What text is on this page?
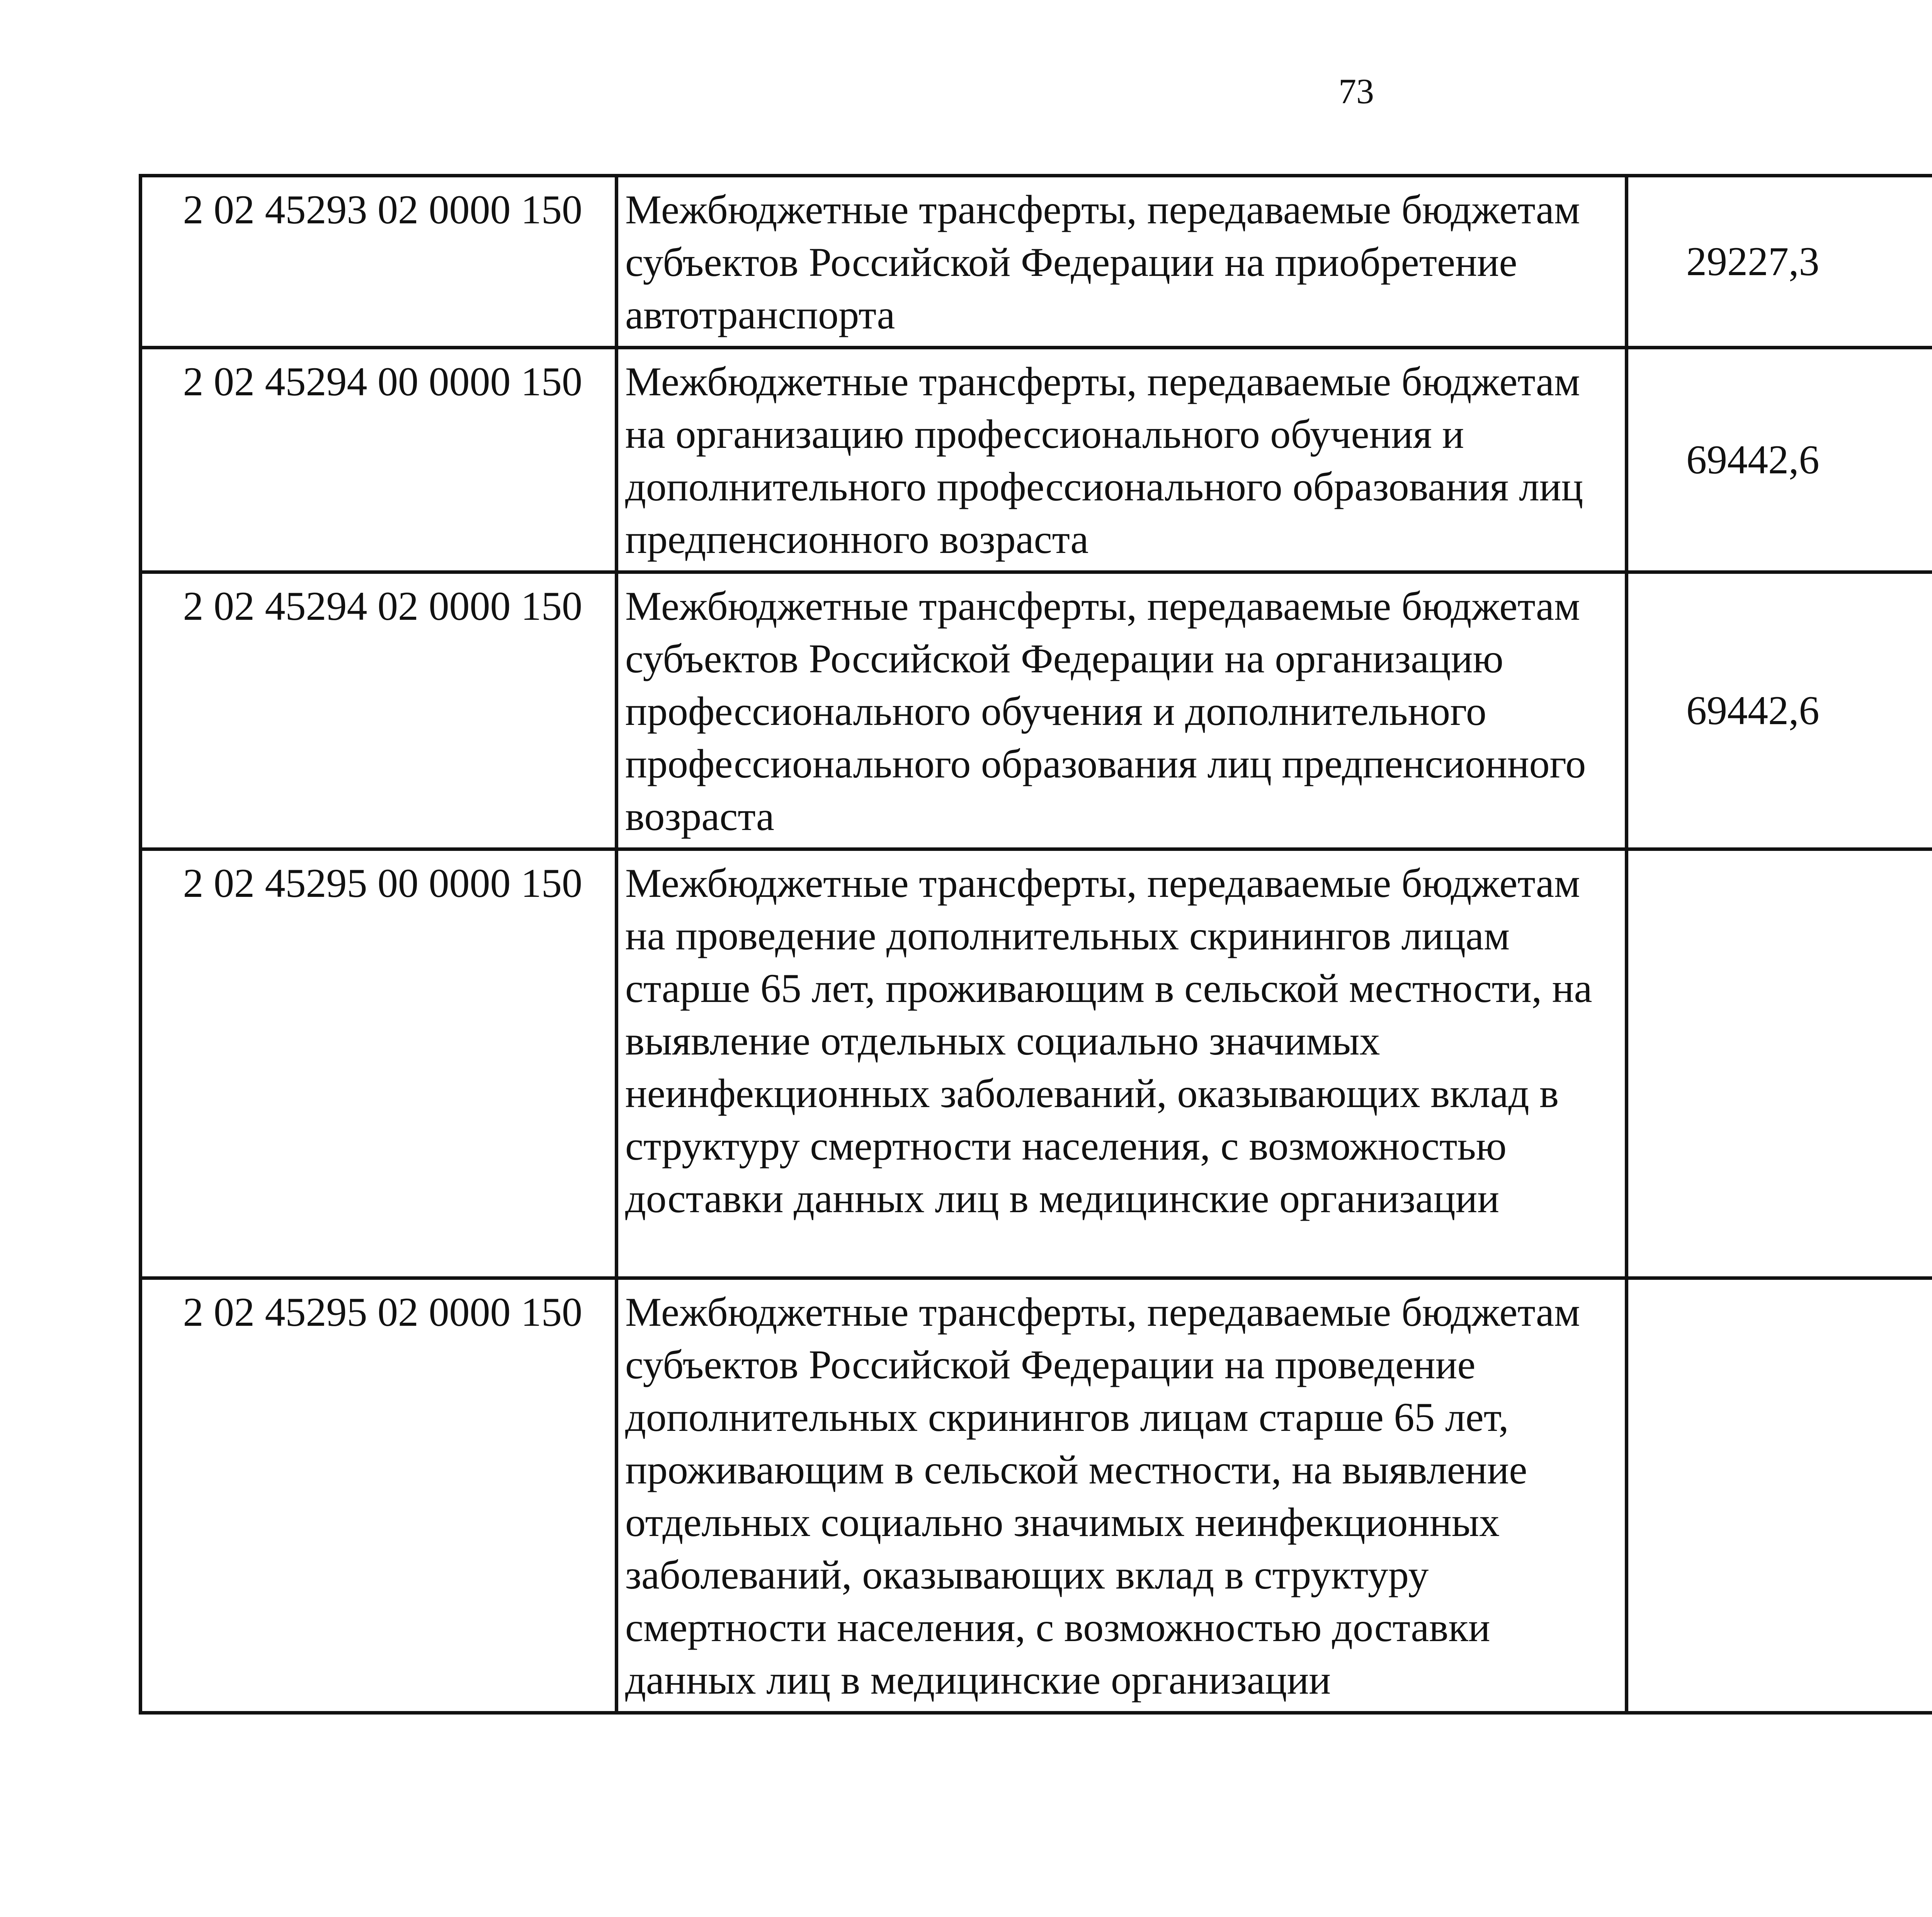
73
2 02 45293 02 0000 150	Межбюджетные трансферты, передаваемые бюджетам субъектов Российской Федерации на приобретение автотранспорта	29227,3		
2 02 45294 00 0000 150	Межбюджетные трансферты, передаваемые бюджетам на организацию профессионального обучения и дополнительного профессионального образования лиц предпенсионного возраста	69442,6		
2 02 45294 02 0000 150	Межбюджетные трансферты, передаваемые бюджетам субъектов Российской Федерации на организацию профессионального обучения и дополнительного профессионального образования лиц предпенсионного возраста	69442,6		
2 02 45295 00 0000 150	Межбюджетные трансферты, передаваемые бюджетам на проведение дополнительных скринингов лицам старше 65 лет, проживающим в сельской местности, на выявление отдельных социально значимых неинфекционных заболеваний, оказывающих вклад в структуру смертности населения, с возможностью доставки данных лиц в медицинские организации			
2 02 45295 02 0000 150	Межбюджетные трансферты, передаваемые бюджетам субъектов Российской Федерации на проведение дополнительных скринингов лицам старше 65 лет, проживающим в сельской местности, на выявление отдельных социально значимых неинфекционных заболеваний, оказывающих вклад в структуру смертности населения, с возможностью доставки данных лиц в медицинские организации			
